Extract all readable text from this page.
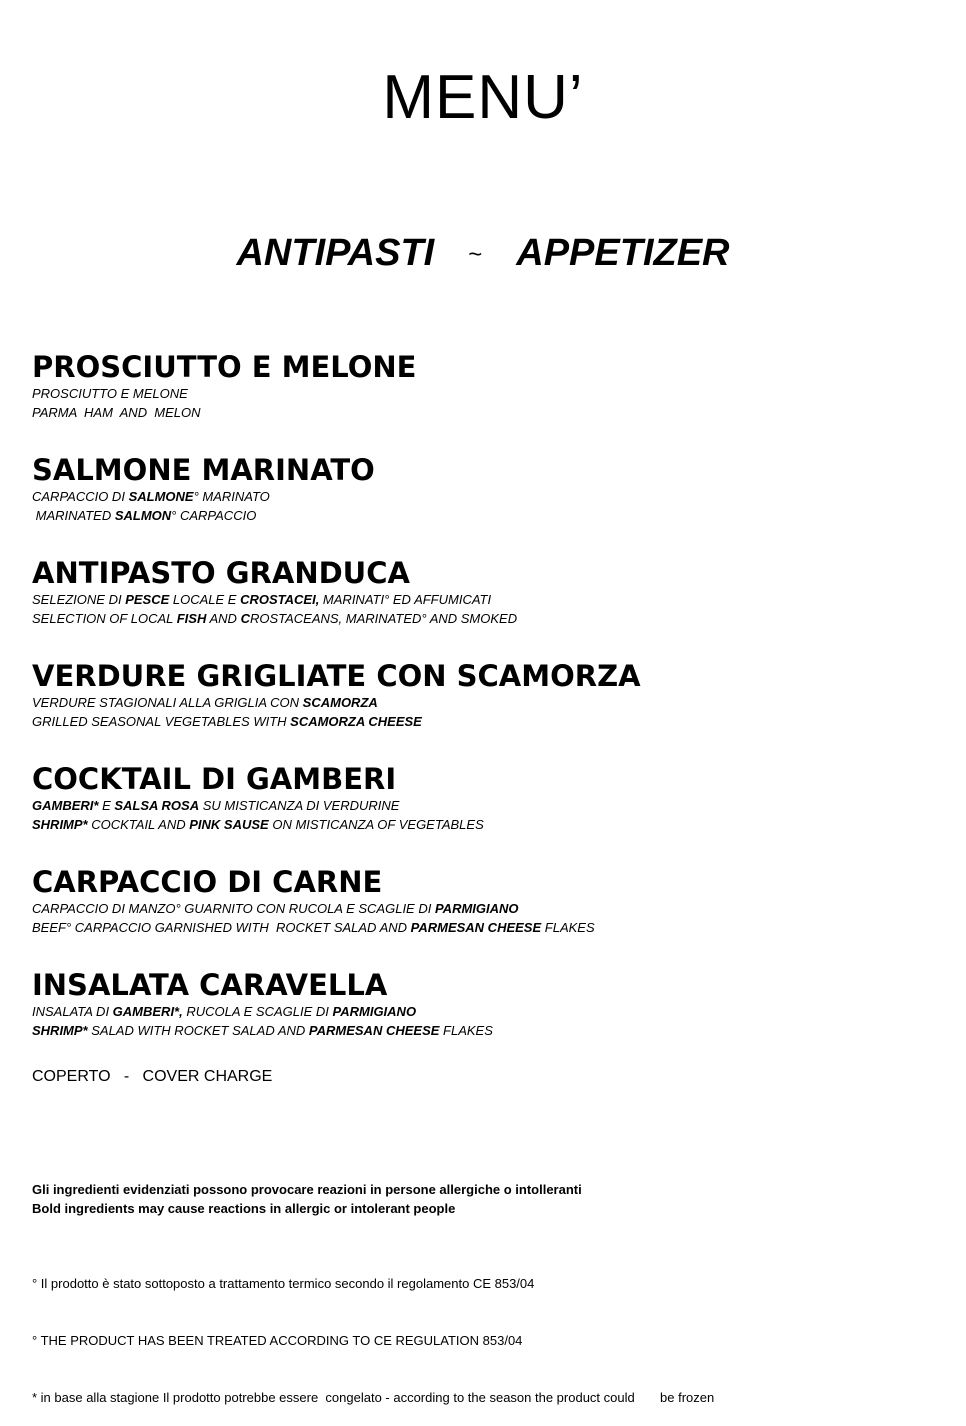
MENU’
ANTIPASTI ~ APPETIZER
PROSCIUTTO E MELONE
PROSCIUTTO E MELONE
PARMA  HAM  AND  MELON
SALMONE MARINATO
CARPACCIO DI SALMONE° MARINATO
MARINATED SALMON° CARPACCIO
ANTIPASTO GRANDUCA
SELEZIONE DI PESCE LOCALE E CROSTACEI, MARINATI° ED AFFUMICATI
SELECTION OF LOCAL FISH AND CROSTACEANS, MARINATED° AND SMOKED
VERDURE GRIGLIATE CON SCAMORZA
VERDURE STAGIONALI ALLA GRIGLIA CON SCAMORZA
GRILLED SEASONAL VEGETABLES WITH SCAMORZA CHEESE
COCKTAIL DI GAMBERI
GAMBERI* E SALSA ROSA SU MISTICANZA DI VERDURINE
SHRIMP* COCKTAIL AND PINK SAUSE ON MISTICANZA OF VEGETABLES
CARPACCIO DI CARNE
CARPACCIO DI MANZO° GUARNITO CON RUCOLA E SCAGLIE DI PARMIGIANO
BEEF° CARPACCIO GARNISHED WITH  ROCKET SALAD AND PARMESAN CHEESE FLAKES
INSALATA CARAVELLA
INSALATA DI GAMBERI*, RUCOLA E SCAGLIE DI PARMIGIANO
SHRIMP* SALAD WITH ROCKET SALAD AND PARMESAN CHEESE FLAKES
COPERTO   -   COVER CHARGE
Gli ingredienti evidenziati possono provocare reazioni in persone allergiche o intolleranti
Bold ingredients may cause reactions in allergic or intolerant people

° Il prodotto è stato sottoposto a trattamento termico secondo il regolamento CE 853/04

° THE PRODUCT HAS BEEN TREATED ACCORDING TO CE REGULATION 853/04

* in base alla stagione Il prodotto potrebbe essere  congelato - according to the season the product could       be frozen
